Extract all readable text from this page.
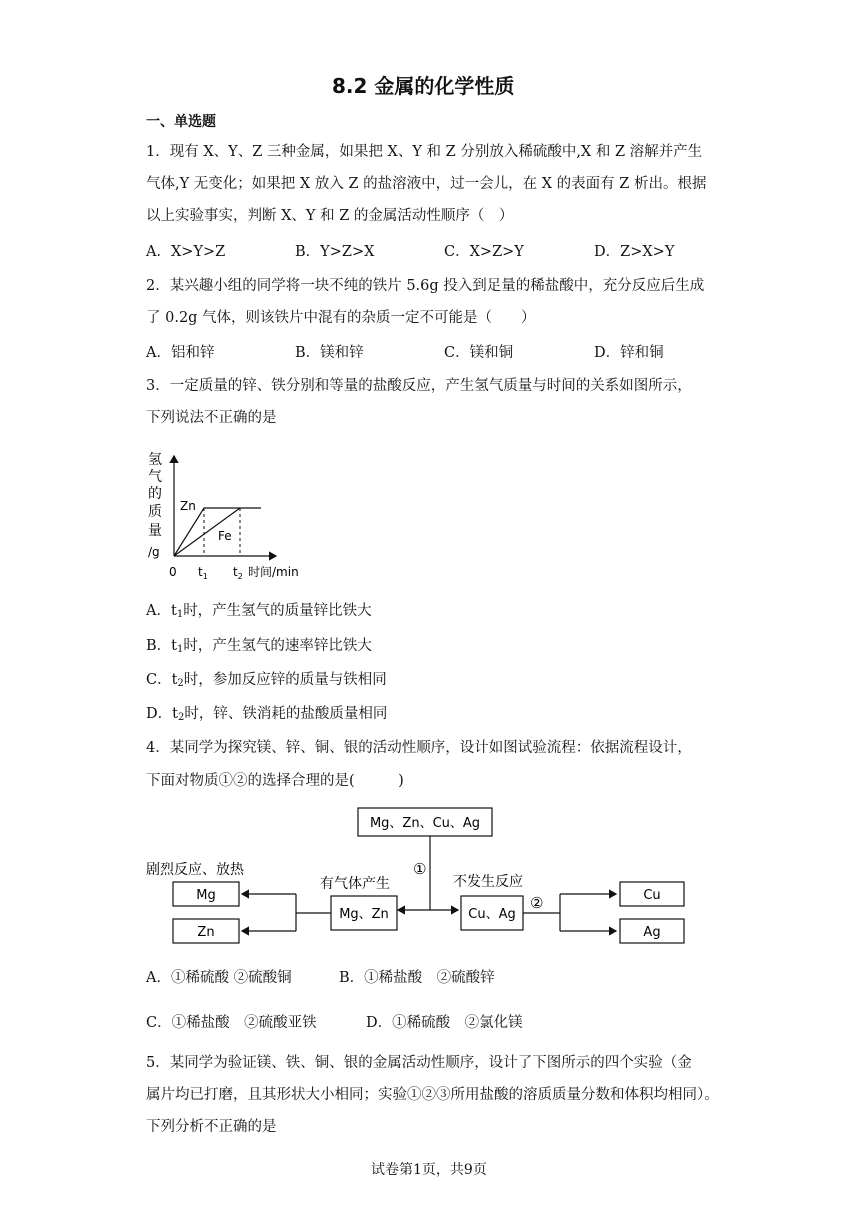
8.2 金属的化学性质
一、单选题
1．现有 X、Y、Z 三种金属，如果把 X、Y 和 Z 分别放入稀硫酸中,X 和 Z 溶解并产生
气体,Y 无变化；如果把 X 放入 Z 的盐溶液中，过一会儿，在 X 的表面有 Z 析出。根据
以上实验事实，判断 X、Y 和 Z 的金属活动性顺序（　）
A．X>Y>Z	B．Y>Z>X	C．X>Z>Y	D．Z>X>Y
2．某兴趣小组的同学将一块不纯的铁片 5.6g 投入到足量的稀盐酸中，充分反应后生成
了 0.2g 气体，则该铁片中混有的杂质一定不可能是（　　）
A．铝和锌	B．镁和锌	C．镁和铜	D．锌和铜
3．一定质量的锌、铁分别和等量的盐酸反应，产生氢气质量与时间的关系如图所示，
下列说法不正确的是
氢
气
的
质
量
/g
Zn
Fe
0 $t_1$ $t_2$ 时间/min
A．$t_1$时，产生氢气的质量锌比铁大
B．$t_1$时，产生氢气的速率锌比铁大
C．$t_2$时，参加反应锌的质量与铁相同
D．$t_2$时，锌、铁消耗的盐酸质量相同
4．某同学为探究镁、锌、铜、银的活动性顺序，设计如图试验流程：依据流程设计，
下面对物质①②的选择合理的是(　　　)
Mg、Zn、Cu、Ag
①
Mg、Zn
有气体产生
Cu、Ag
不发生反应
Mg
Zn
剧烈反应、放热
②	Cu
Ag
A．①稀硫酸 ②硫酸铜	B．①稀盐酸　②硫酸锌
C．①稀盐酸　②硫酸亚铁	D．①稀硫酸　②氯化镁
5．某同学为验证镁、铁、铜、银的金属活动性顺序，设计了下图所示的四个实验（金
属片均已打磨，且其形状大小相同；实验①②③所用盐酸的溶质质量分数和体积均相同）。
下列分析不正确的是
试卷第1页，共9页
